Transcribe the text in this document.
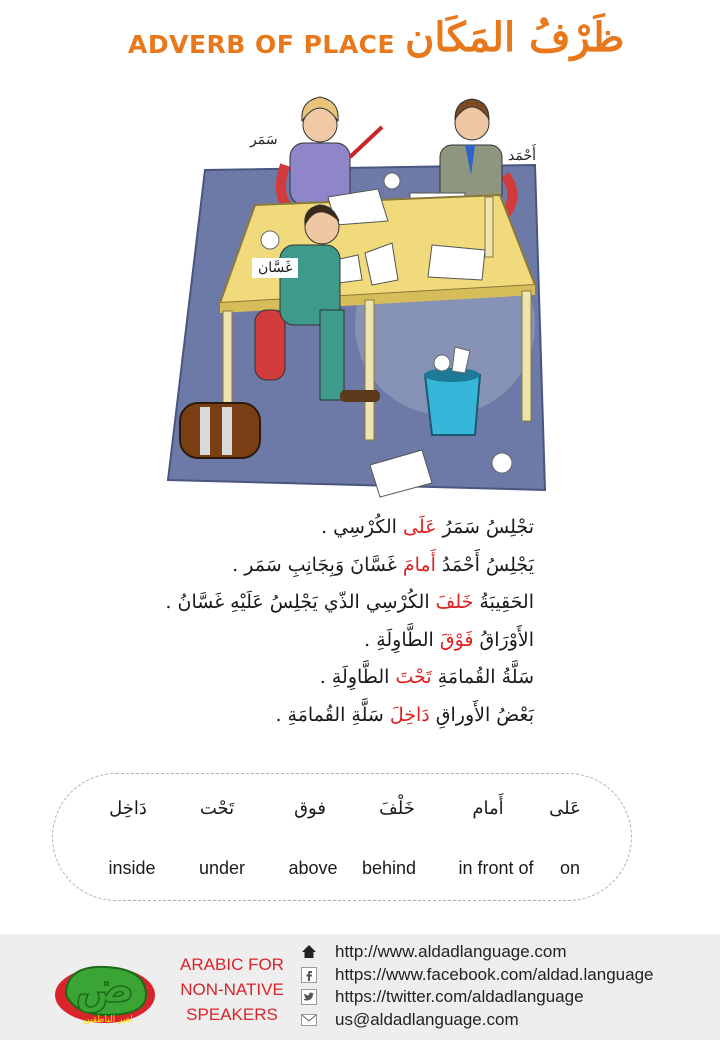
ADVERB OF PLACE ظَرْفُ المَكَان
سَمَر
أَحْمَد
غَسَّان
تجْلِسُ سَمَرُ عَلَى الكُرْسِي .
يَجْلِسُ أَحْمَدُ أَمامَ غَسَّانَ وَبِجَانِبِ سَمَر .
الحَقِيبَةُ خَلفَ الكُرْسِي الذّي يَجْلِسُ عَلَيْهِ غَسَّانُ .
الأَوْرَاقُ فَوْقَ الطَّاوِلَةِ .
سَلَّةُ القُمامَةِ تَحْتَ الطَّاوِلَةِ .
بَعْضُ الأَوراقِ دَاخِلَ سَلَّةِ القُمامَةِ .
عَلى
أَمام
خَلْفَ
فوق
تَحْت
دَاخِل
on
in front of
behind
above
under
inside
ض
لغير الناطقين
ARABIC FOR
NON-NATIVE
SPEAKERS
http://www.aldadlanguage.com
https://www.facebook.com/aldad.language
https://twitter.com/aldadlanguage
us@aldadlanguage.com
